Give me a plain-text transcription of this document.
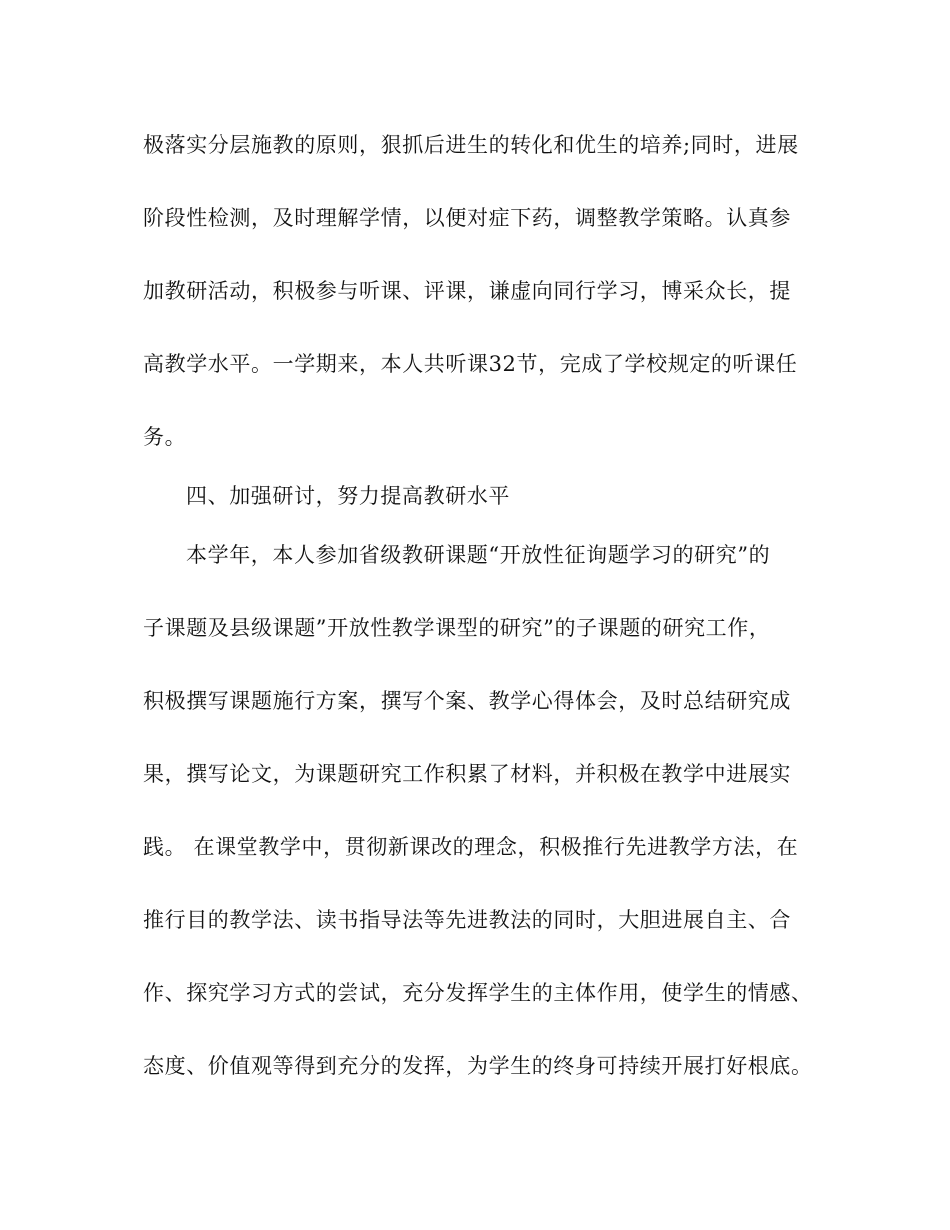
极落实分层施教的原则，狠抓后进生的转化和优生的培养;同时，进展
阶段性检测，及时理解学情，以便对症下药，调整教学策略。认真参
加教研活动，积极参与听课、评课，谦虚向同行学习，博采众长，提
高教学水平。一学期来，本人共听课32节，完成了学校规定的听课任
务。
四、加强研讨，努力提高教研水平
本学年，本人参加省级教研课题“开放性征询题学习的研究”的
子课题及县级课题”开放性教学课型的研究”的子课题的研究工作，
积极撰写课题施行方案，撰写个案、教学心得体会，及时总结研究成
果，撰写论文，为课题研究工作积累了材料，并积极在教学中进展实
践。 在课堂教学中，贯彻新课改的理念，积极推行先进教学方法，在
推行目的教学法、读书指导法等先进教法的同时，大胆进展自主、合
作、探究学习方式的尝试，充分发挥学生的主体作用，使学生的情感、
态度、价值观等得到充分的发挥，为学生的终身可持续开展打好根底。
